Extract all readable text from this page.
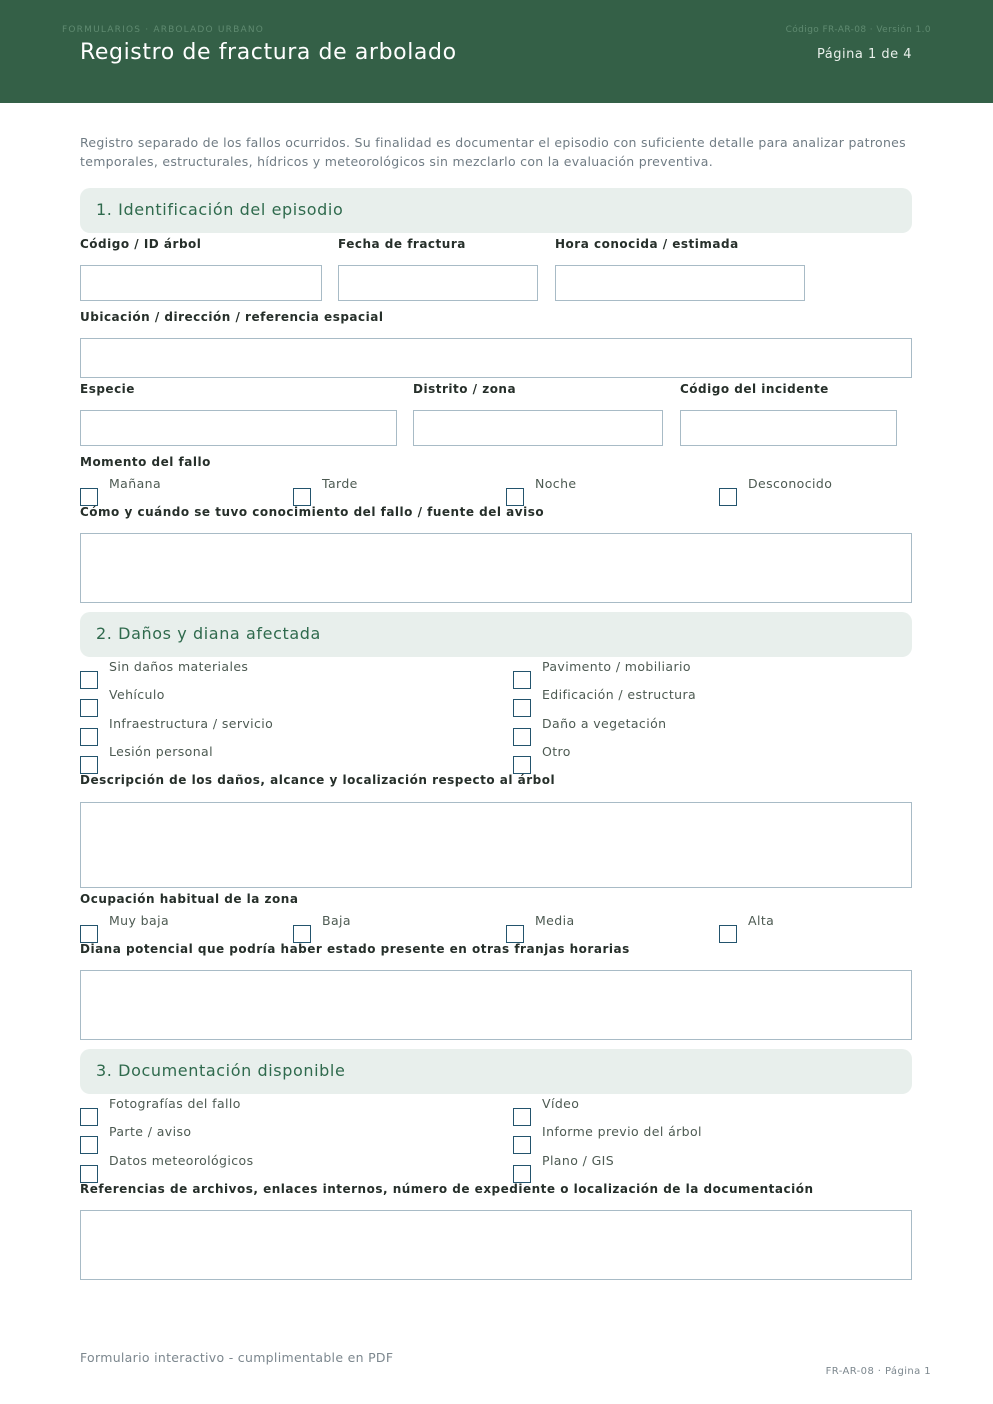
FORMULARIOS · ARBOLADO URBANO	Código FR-AR-08 · Versión 1.0
Registro de fractura de arbolado	Página 1 de 4
Registro separado de los fallos ocurridos. Su finalidad es documentar el episodio con suficiente detalle para analizar patrones temporales, estructurales, hídricos y meteorológicos sin mezclarlo con la evaluación preventiva.
1. Identificación del episodio
Código / ID árbol	Fecha de fractura	Hora conocida / estimada
Ubicación / dirección / referencia espacial
Especie	Distrito / zona	Código del incidente
Momento del fallo
Mañana	Tarde	Noche	Desconocido
Cómo y cuándo se tuvo conocimiento del fallo / fuente del aviso
2. Daños y diana afectada
Sin daños materiales	Pavimento / mobiliario
Vehículo	Edificación / estructura
Infraestructura / servicio	Daño a vegetación
Lesión personal	Otro
Descripción de los daños, alcance y localización respecto al árbol
Ocupación habitual de la zona
Muy baja	Baja	Media	Alta
Diana potencial que podría haber estado presente en otras franjas horarias
3. Documentación disponible
Fotografías del fallo	Vídeo
Parte / aviso	Informe previo del árbol
Datos meteorológicos	Plano / GIS
Referencias de archivos, enlaces internos, número de expediente o localización de la documentación
Formulario interactivo - cumplimentable en PDF
FR-AR-08 · Página 1
